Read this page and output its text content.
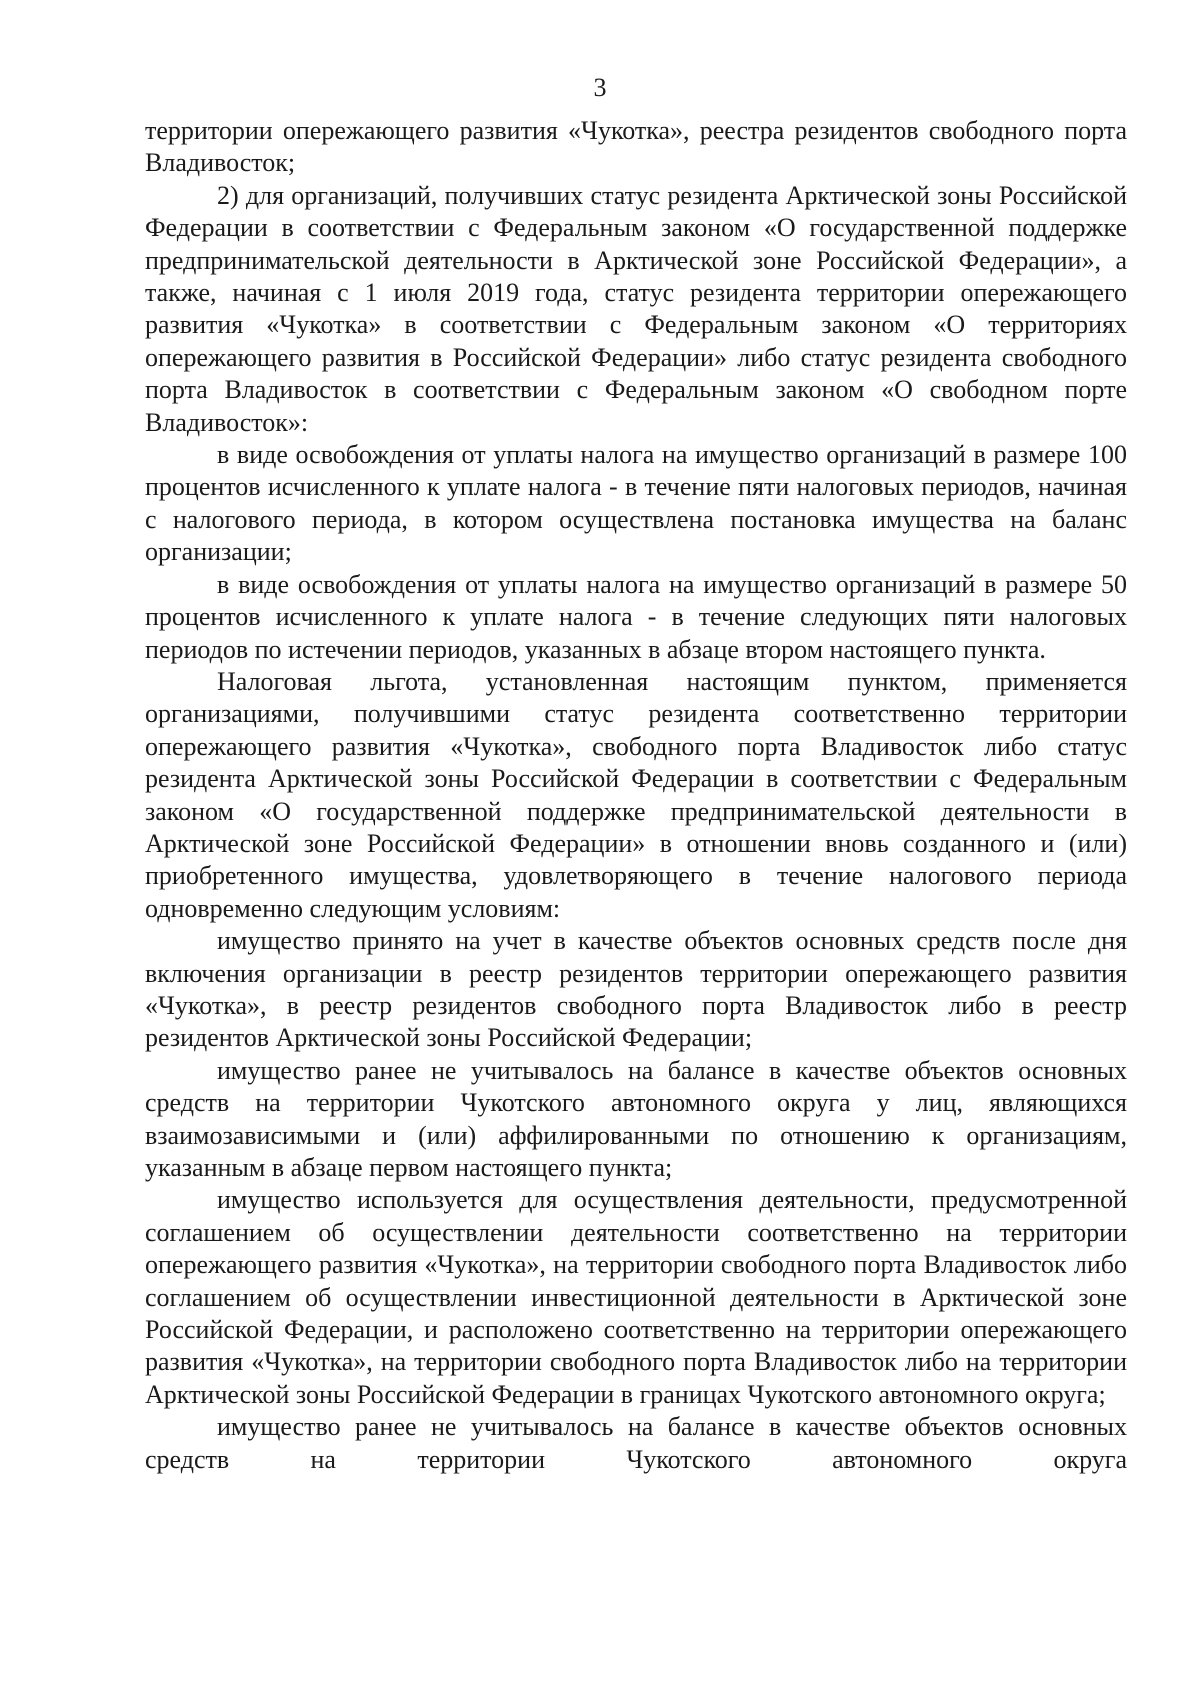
3

территории опережающего развития «Чукотка», реестра резидентов свободного порта Владивосток;

2) для организаций, получивших статус резидента Арктической зоны Российской Федерации в соответствии с Федеральным законом «О государственной поддержке предпринимательской деятельности в Арктической зоне Российской Федерации», а также, начиная с 1 июля 2019 года, статус резидента территории опережающего развития «Чукотка» в соответствии с Федеральным законом «О территориях опережающего развития в Российской Федерации» либо статус резидента свободного порта Владивосток в соответствии с Федеральным законом «О свободном порте Владивосток»:

в виде освобождения от уплаты налога на имущество организаций в размере 100 процентов исчисленного к уплате налога - в течение пяти налоговых периодов, начиная с налогового периода, в котором осуществлена постановка имущества на баланс организации;

в виде освобождения от уплаты налога на имущество организаций в размере 50 процентов исчисленного к уплате налога - в течение следующих пяти налоговых периодов по истечении периодов, указанных в абзаце втором настоящего пункта.

Налоговая льгота, установленная настоящим пунктом, применяется организациями, получившими статус резидента соответственно территории опережающего развития «Чукотка», свободного порта Владивосток либо статус резидента Арктической зоны Российской Федерации в соответствии с Федеральным законом «О государственной поддержке предпринимательской деятельности в Арктической зоне Российской Федерации» в отношении вновь созданного и (или) приобретенного имущества, удовлетворяющего в течение налогового периода одновременно следующим условиям:

имущество принято на учет в качестве объектов основных средств после дня включения организации в реестр резидентов территории опережающего развития «Чукотка», в реестр резидентов свободного порта Владивосток либо в реестр резидентов Арктической зоны Российской Федерации;

имущество ранее не учитывалось на балансе в качестве объектов основных средств на территории Чукотского автономного округа у лиц, являющихся взаимозависимыми и (или) аффилированными по отношению к организациям, указанным в абзаце первом настоящего пункта;

имущество используется для осуществления деятельности, предусмотренной соглашением об осуществлении деятельности соответственно на территории опережающего развития «Чукотка», на территории свободного порта Владивосток либо соглашением об осуществлении инвестиционной деятельности в Арктической зоне Российской Федерации, и расположено соответственно на территории опережающего развития «Чукотка», на территории свободного порта Владивосток либо на территории Арктической зоны Российской Федерации в границах Чукотского автономного округа;

имущество ранее не учитывалось на балансе в качестве объектов основных средств на территории Чукотского автономного округа
